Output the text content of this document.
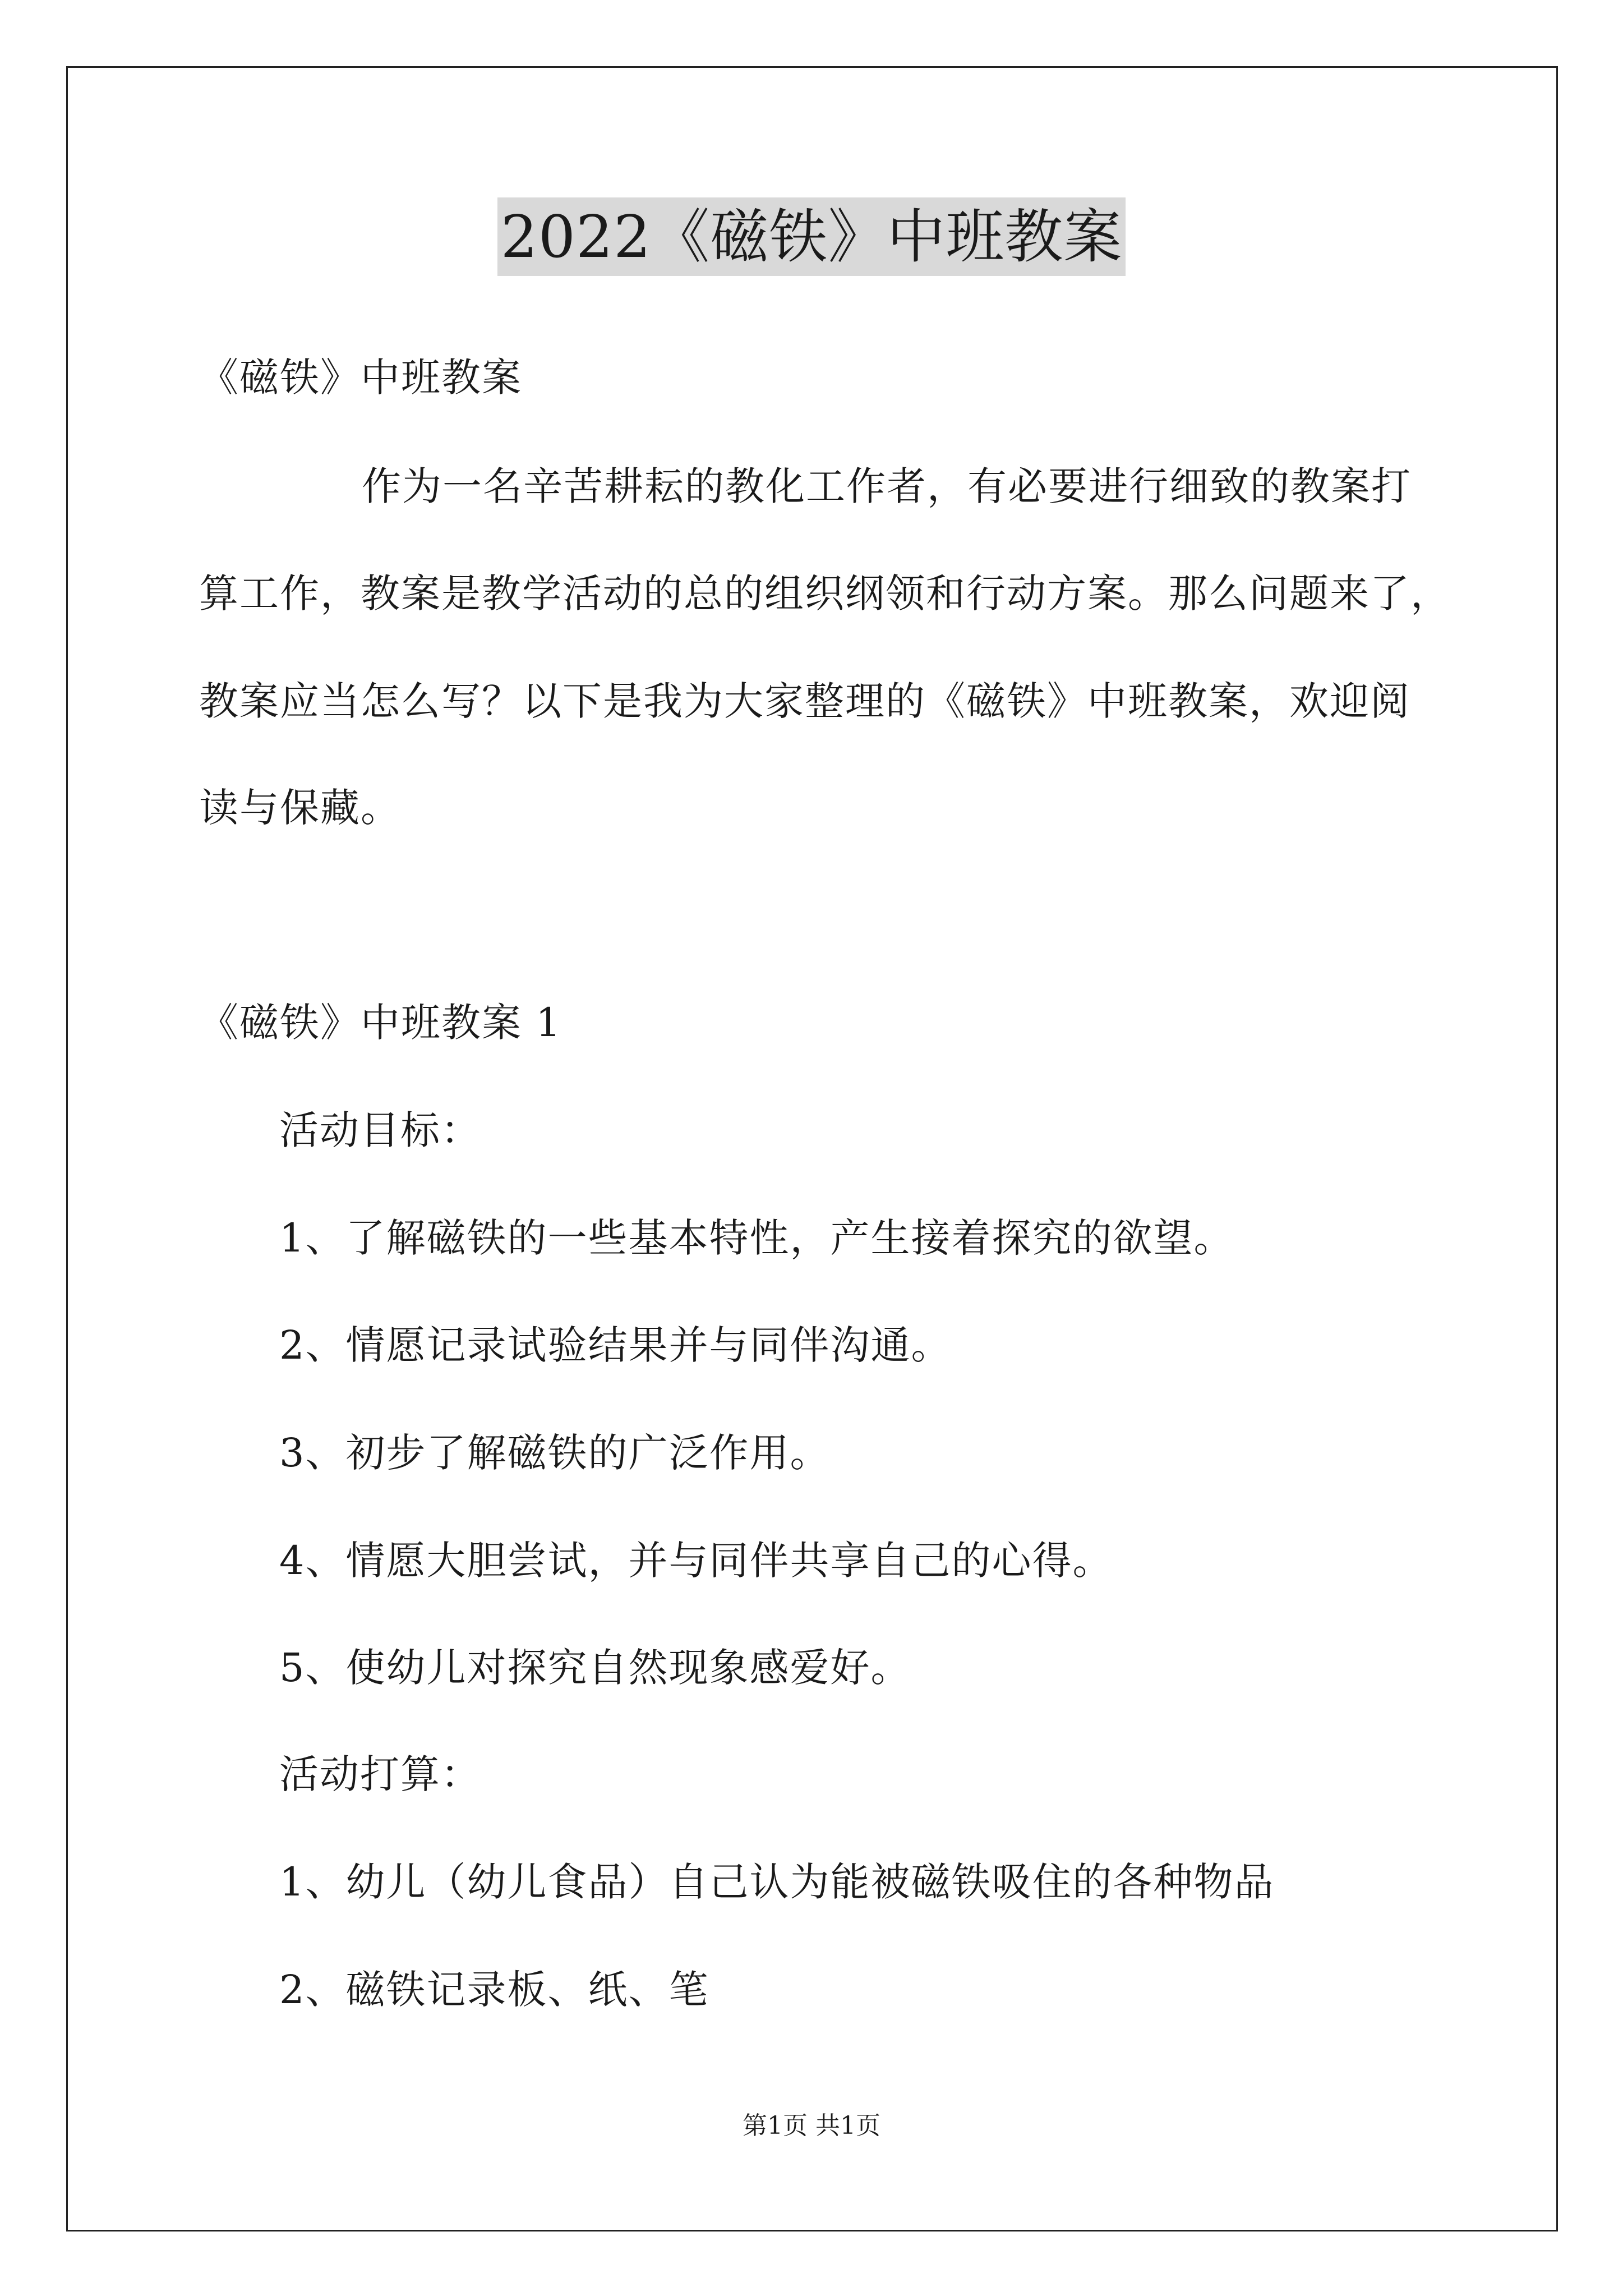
2022《磁铁》中班教案

《磁铁》中班教案

作为一名辛苦耕耘的教化工作者，有必要进行细致的教案打

算工作，教案是教学活动的总的组织纲领和行动方案。那么问题来了，

教案应当怎么写？以下是我为大家整理的《磁铁》中班教案，欢迎阅

读与保藏。

《磁铁》中班教案 1

活动目标：

1、了解磁铁的一些基本特性，产生接着探究的欲望。

2、情愿记录试验结果并与同伴沟通。

3、初步了解磁铁的广泛作用。

4、情愿大胆尝试，并与同伴共享自己的心得。

5、使幼儿对探究自然现象感爱好。

活动打算：

1、幼儿（幼儿食品）自己认为能被磁铁吸住的各种物品

2、磁铁记录板、纸、笔

第1页 共1页
